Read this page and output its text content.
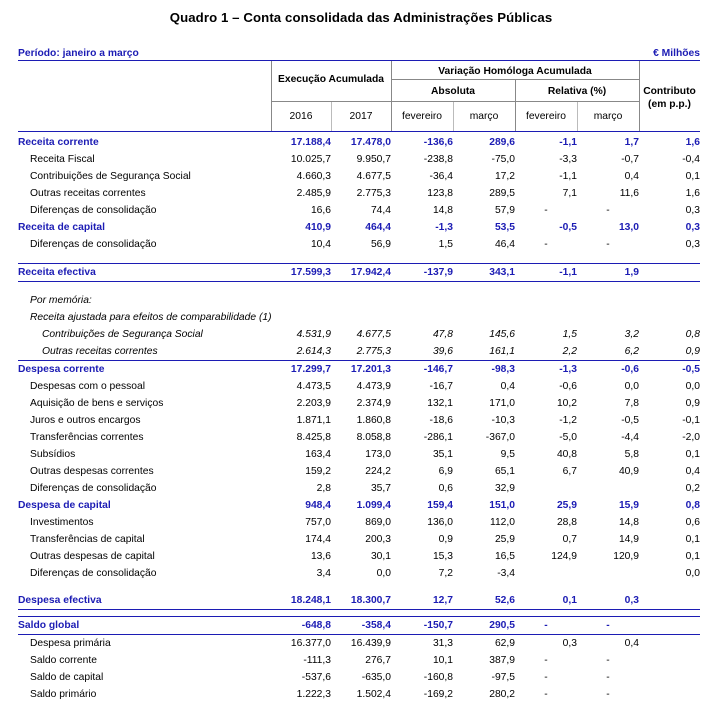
Quadro 1 – Conta consolidada das Administrações Públicas
Período: janeiro a março	€ Milhões
Execução Acumulada
Variação Homóloga Acumulada
Absoluta	Relativa (%)	Contributo
(em p.p.)
2016	2017	fevereiro	março	fevereiro	março
Receita corrente	17.188,4	17.478,0	-136,6	289,6	-1,1	1,7	1,6
Receita Fiscal	10.025,7	9.950,7	-238,8	-75,0	-3,3	-0,7	-0,4
Contribuições de Segurança Social	4.660,3	4.677,5	-36,4	17,2	-1,1	0,4	0,1
Outras receitas correntes	2.485,9	2.775,3	123,8	289,5	7,1	11,6	1,6
Diferenças de consolidação	16,6	74,4	14,8	57,9	-	-	0,3
Receita de capital	410,9	464,4	-1,3	53,5	-0,5	13,0	0,3
Diferenças de consolidação	10,4	56,9	1,5	46,4	-	-	0,3

Receita efectiva	17.599,3	17.942,4	-137,9	343,1	-1,1	1,9	

Por memória:							
Receita ajustada para efeitos de comparabilidade (1)							
Contribuições de Segurança Social	4.531,9	4.677,5	47,8	145,6	1,5	3,2	0,8
Outras receitas correntes	2.614,3	2.775,3	39,6	161,1	2,2	6,2	0,9
Despesa corrente	17.299,7	17.201,3	-146,7	-98,3	-1,3	-0,6	-0,5
Despesas com o pessoal	4.473,5	4.473,9	-16,7	0,4	-0,6	0,0	0,0
Aquisição de bens e serviços	2.203,9	2.374,9	132,1	171,0	10,2	7,8	0,9
Juros e outros encargos	1.871,1	1.860,8	-18,6	-10,3	-1,2	-0,5	-0,1
Transferências correntes	8.425,8	8.058,8	-286,1	-367,0	-5,0	-4,4	-2,0
Subsídios	163,4	173,0	35,1	9,5	40,8	5,8	0,1
Outras despesas correntes	159,2	224,2	6,9	65,1	6,7	40,9	0,4
Diferenças de consolidação	2,8	35,7	0,6	32,9			0,2
Despesa de capital	948,4	1.099,4	159,4	151,0	25,9	15,9	0,8
Investimentos	757,0	869,0	136,0	112,0	28,8	14,8	0,6
Transferências de capital	174,4	200,3	0,9	25,9	0,7	14,9	0,1
Outras despesas de capital	13,6	30,1	15,3	16,5	124,9	120,9	0,1
Diferenças de consolidação	3,4	0,0	7,2	-3,4			0,0

Despesa efectiva	18.248,1	18.300,7	12,7	52,6	0,1	0,3	

Saldo global	-648,8	-358,4	-150,7	290,5	-	-	
Despesa primária	16.377,0	16.439,9	31,3	62,9	0,3	0,4	
Saldo corrente	-111,3	276,7	10,1	387,9	-	-	
Saldo de capital	-537,6	-635,0	-160,8	-97,5	-	-	
Saldo primário	1.222,3	1.502,4	-169,2	280,2	-	-	
